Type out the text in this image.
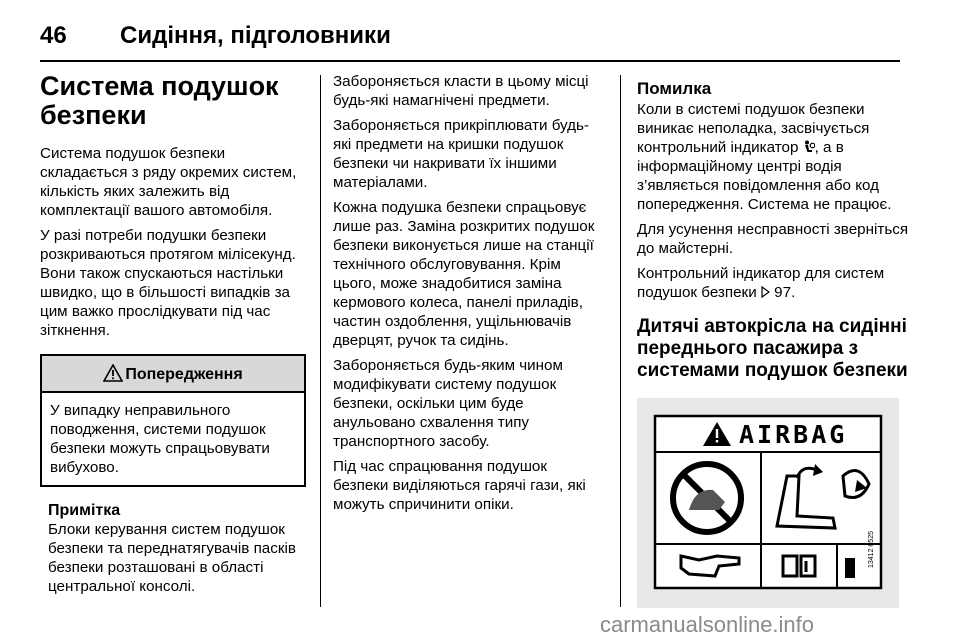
46 Сидіння, підголовники
Система подушок безпеки

Система подушок безпеки складається з ряду окремих систем, кількість яких залежить від комплектації вашого автомобіля.

У разі потреби подушки безпеки розкриваються протягом мілісекунд. Вони також спускаються настільки швидко, що в більшості випадків за цим важко прослідкувати під час зіткнення.

Попередження
У випадку неправильного поводження, системи подушок безпеки можуть спрацьовувати вибухово.
Примітка
Блоки керування систем подушок безпеки та переднатягувачів пасків безпеки розташовані в області центральної консолі.

Забороняється класти в цьому місці будь-які намагнічені предмети.

Забороняється прикріплювати будь-які предмети на кришки подушок безпеки чи накривати їх іншими матеріалами.

Кожна подушка безпеки спрацьовує лише раз. Заміна розкритих подушок безпеки виконується лише на станції технічного обслуговування. Крім цього, може знадобитися заміна кермового колеса, панелі приладів, частин оздоблення, ущільнювачів дверцят, ручок та сидінь.

Забороняється будь-яким чином модифікувати систему подушок безпеки, оскільки цим буде анульовано схвалення типу транспортного засобу.

Під час спрацювання подушок безпеки виділяються гарячі гази, які можуть спричинити опіки.

Помилка

Коли в системі подушок безпеки виникає неполадка, засвічується контрольний індикатор , а в інформаційному центрі водія з’являється повідомлення або код попередження. Система не працює.

Для усунення несправності зверніться до майстерні.

Контрольний індикатор для систем подушок безпеки 97.

Дитячі автокрісла на сидінні переднього пасажира з системами подушок безпеки
13412 6525
AIRBAG
carmanualsonline.info
